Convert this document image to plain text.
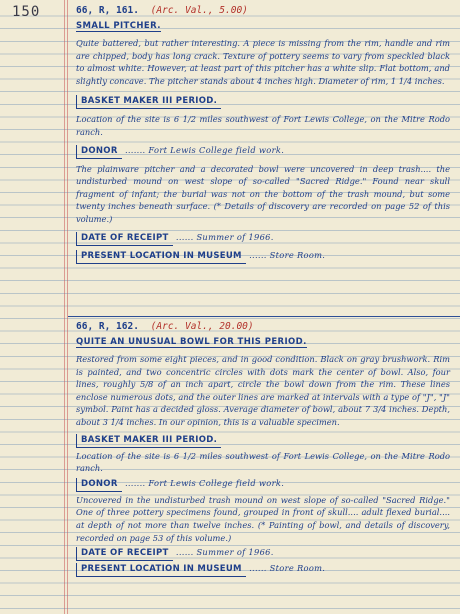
150	66, R, 161. (Arc. Val., 5.00)
SMALL PITCHER.

Quite battered, but rather interesting. A piece is missing from the rim, handle and rim are chipped, body has long crack. Texture of pottery seems to vary from speckled black to almost white. However, at least part of this pitcher has a white slip. Flat bottom, and slightly concave. The pitcher stands about 4 inches high. Diameter of rim, 1 1/4 inches.

BASKET MAKER III PERIOD.

Location of the site is 6 1/2 miles southwest of Fort Lewis College, on the Mitre Rodo ranch.

DONOR ....... Fort Lewis College field work.

The plainware pitcher and a decorated bowl were uncovered in deep trash.... the undisturbed mound on west slope of so-called "Sacred Ridge." Found near skull fragment of infant; the burial was not on the bottom of the trash mound, but some twenty inches beneath surface. (* Details of discovery are recorded on page 52 of this volume.)

DATE OF RECEIPT ...... Summer of 1966.
PRESENT LOCATION IN MUSEUM ...... Store Room.
66, R, 162. (Arc. Val., 20.00)
QUITE AN UNUSUAL BOWL FOR THIS PERIOD.

Restored from some eight pieces, and in good condition. Black on gray brushwork. Rim is painted, and two concentric circles with dots mark the center of bowl. Also, four lines, roughly 5/8 of an inch apart, circle the bowl down from the rim. These lines enclose numerous dots, and the outer lines are marked at intervals with a type of "J", "J" symbol. Paint has a decided gloss. Average diameter of bowl, about 7 3/4 inches. Depth, about 3 1/4 inches. In our opinion, this is a valuable specimen.

BASKET MAKER III PERIOD.

Location of the site is 6 1/2 miles southwest of Fort Lewis College, on the Mitre Rodo ranch.

DONOR ....... Fort Lewis College field work.

Uncovered in the undisturbed trash mound on west slope of so-called "Sacred Ridge." One of three pottery specimens found, grouped in front of skull.... adult flexed burial.... at depth of not more than twelve inches. (* Painting of bowl, and details of discovery, recorded on page 53 of this volume.)

DATE OF RECEIPT ...... Summer of 1966.
PRESENT LOCATION IN MUSEUM ...... Store Room.
